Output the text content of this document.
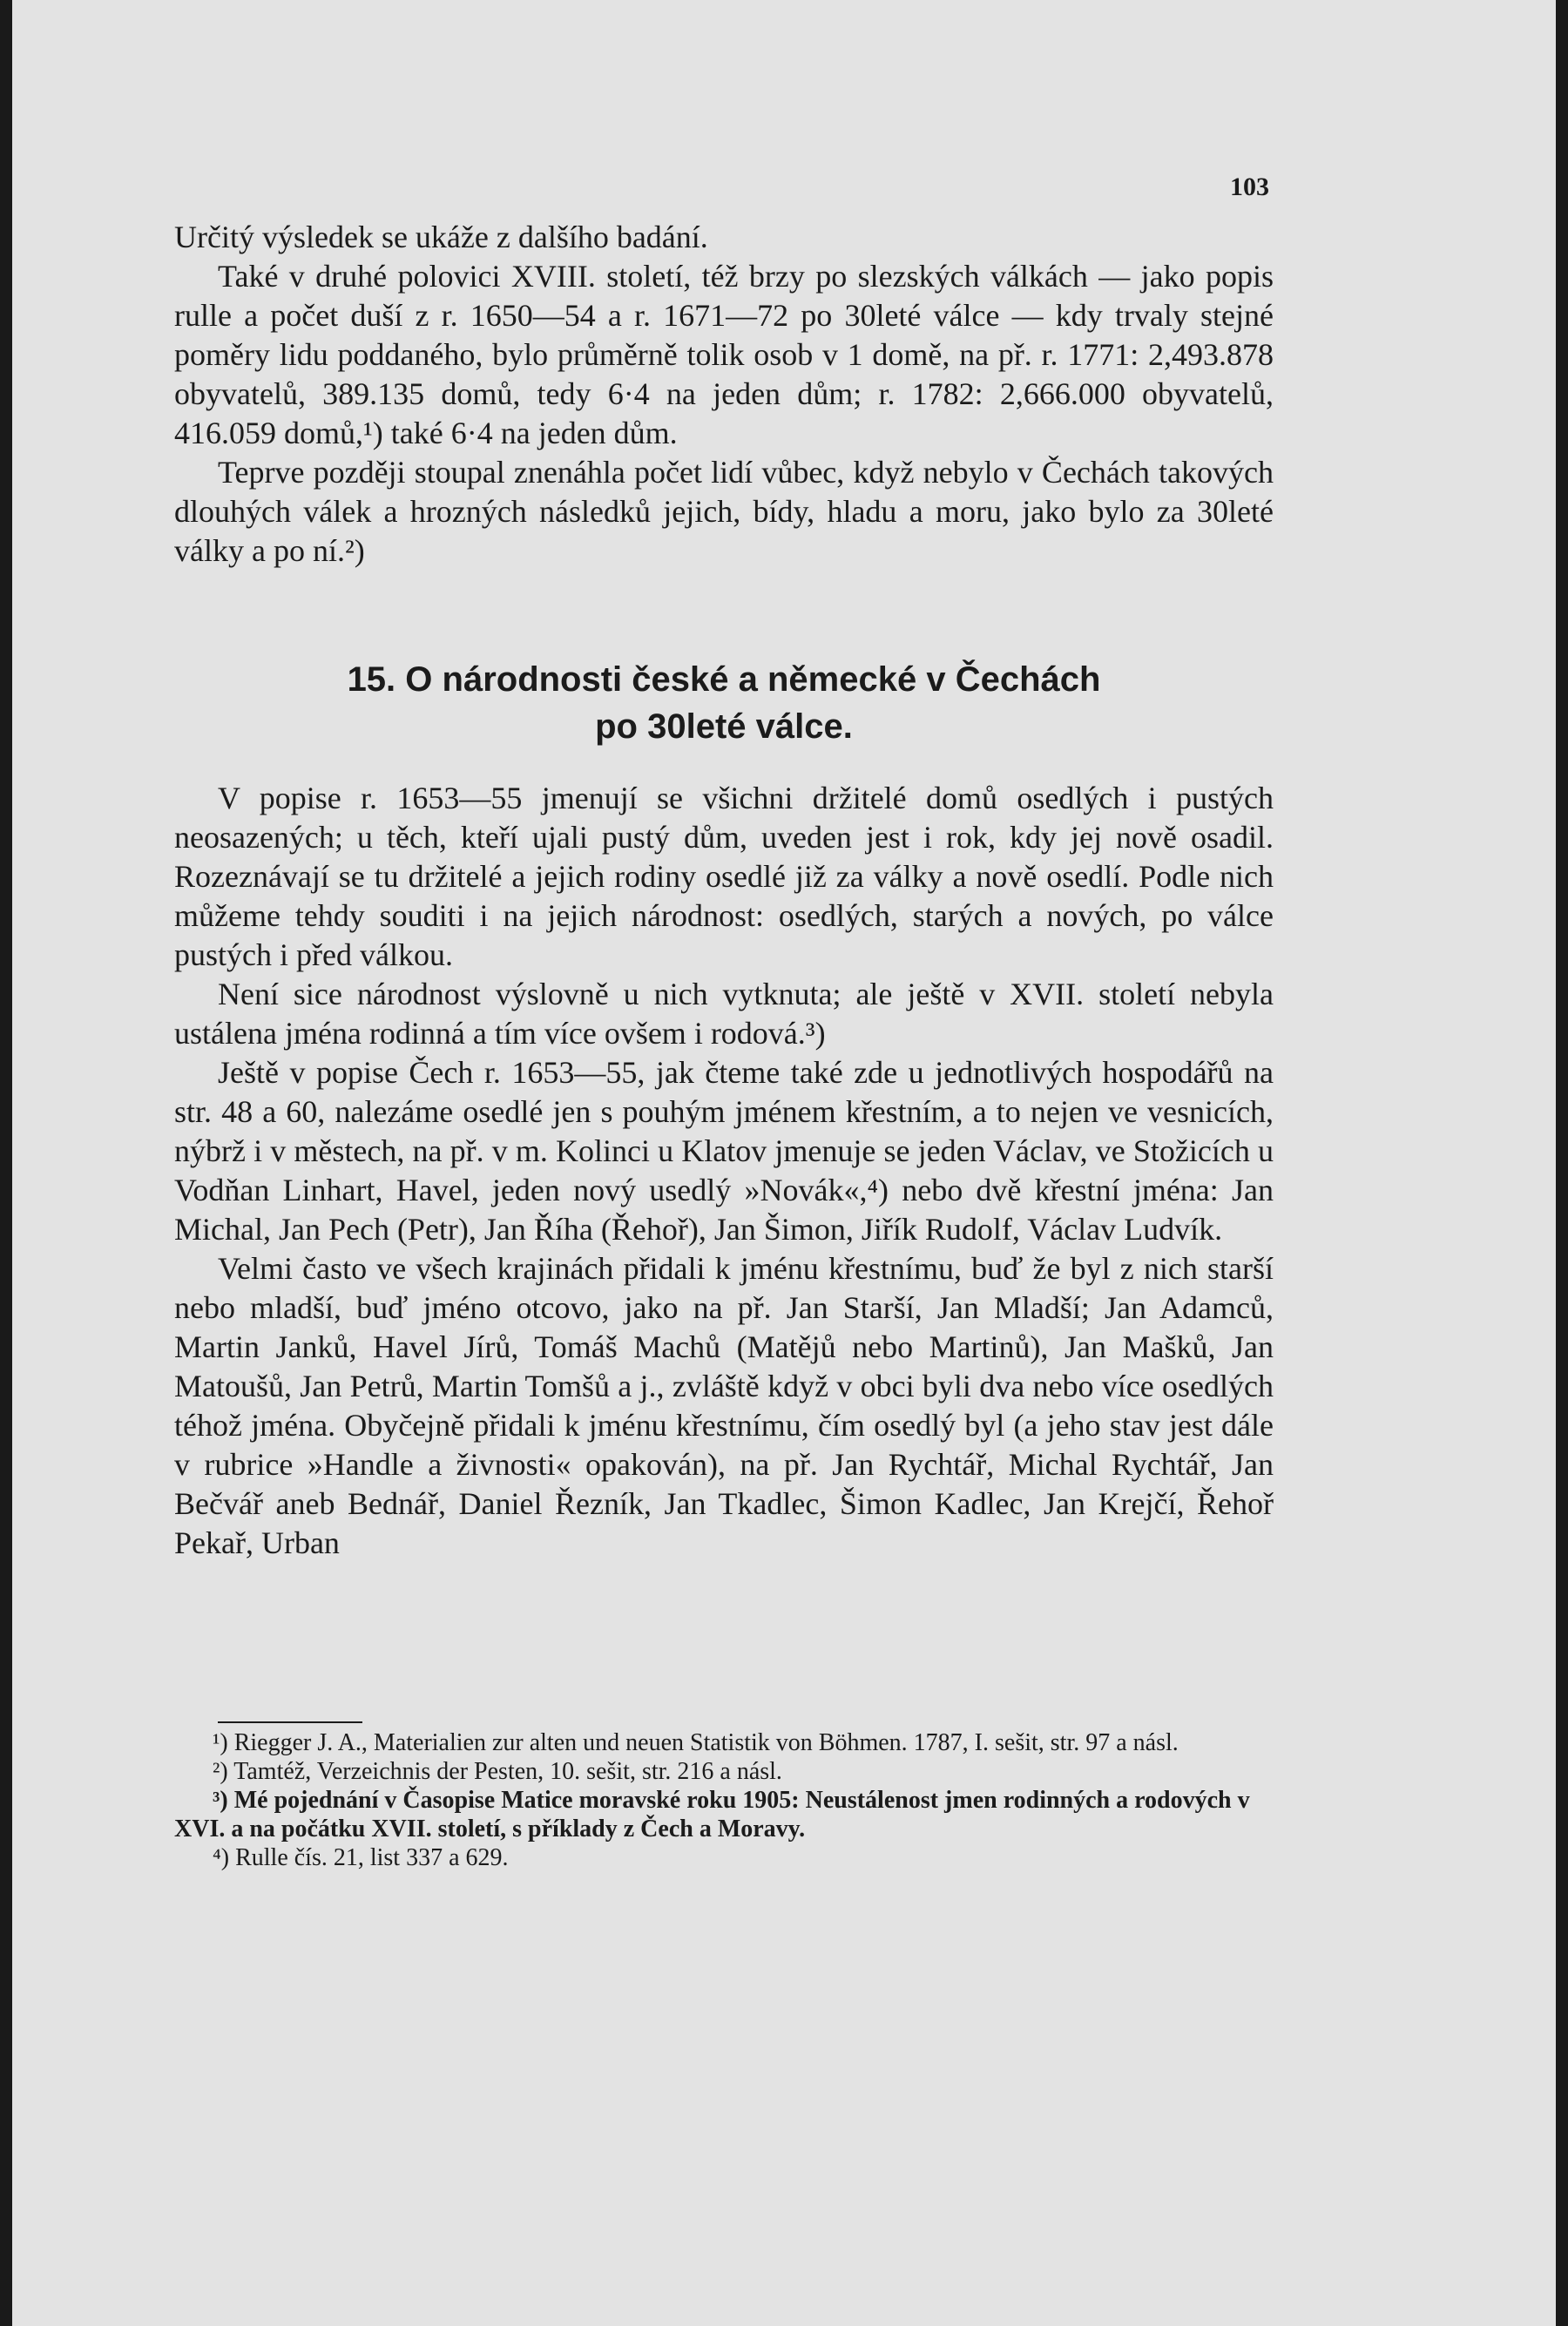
103

Určitý výsledek se ukáže z dalšího badání.

Také v druhé polovici XVIII. století, též brzy po slezských válkách — jako popis rulle a počet duší z r. 1650—54 a r. 1671—72 po 30leté válce — kdy trvaly stejné poměry lidu poddaného, bylo průměrně tolik osob v 1 domě, na př. r. 1771: 2,493.878 obyvatelů, 389.135 domů, tedy 6·4 na jeden dům; r. 1782: 2,666.000 obyvatelů, 416.059 domů,¹) také 6·4 na jeden dům.

Teprve později stoupal znenáhla počet lidí vůbec, když nebylo v Čechách takových dlouhých válek a hrozných následků jejich, bídy, hladu a moru, jako bylo za 30leté války a po ní.²)

15. O národnosti české a německé v Čechách
po 30leté válce.

V popise r. 1653—55 jmenují se všichni držitelé domů osedlých i pustých neosazených; u těch, kteří ujali pustý dům, uveden jest i rok, kdy jej nově osadil. Rozeznávají se tu držitelé a jejich rodiny osedlé již za války a nově osedlí. Podle nich můžeme tehdy souditi i na jejich národnost: osedlých, starých a nových, po válce pustých i před válkou.

Není sice národnost výslovně u nich vytknuta; ale ještě v XVII. století nebyla ustálena jména rodinná a tím více ovšem i rodová.³)

Ještě v popise Čech r. 1653—55, jak čteme také zde u jednotlivých hospodářů na str. 48 a 60, nalezáme osedlé jen s pouhým jménem křestním, a to nejen ve vesnicích, nýbrž i v městech, na př. v m. Kolinci u Klatov jmenuje se jeden Václav, ve Stožicích u Vodňan Linhart, Havel, jeden nový usedlý »Novák«,⁴) nebo dvě křestní jména: Jan Michal, Jan Pech (Petr), Jan Říha (Řehoř), Jan Šimon, Jiřík Rudolf, Václav Ludvík.

Velmi často ve všech krajinách přidali k jménu křestnímu, buď že byl z nich starší nebo mladší, buď jméno otcovo, jako na př. Jan Starší, Jan Mladší; Jan Adamců, Martin Janků, Havel Jírů, Tomáš Machů (Matějů nebo Martinů), Jan Mašků, Jan Matoušů, Jan Petrů, Martin Tomšů a j., zvláště když v obci byli dva nebo více osedlých téhož jména. Obyčejně přidali k jménu křestnímu, čím osedlý byl (a jeho stav jest dále v rubrice »Handle a živnosti« opakován), na př. Jan Rychtář, Michal Rychtář, Jan Bečvář aneb Bednář, Daniel Řezník, Jan Tkadlec, Šimon Kadlec, Jan Krejčí, Řehoř Pekař, Urban

¹) Riegger J. A., Materialien zur alten und neuen Statistik von Böhmen. 1787, I. sešit, str. 97 a násl.

²) Tamtéž, Verzeichnis der Pesten, 10. sešit, str. 216 a násl.

³) Mé pojednání v Časopise Matice moravské roku 1905: Neustálenost jmen rodinných a rodových v XVI. a na počátku XVII. století, s příklady z Čech a Moravy.

⁴) Rulle čís. 21, list 337 a 629.
